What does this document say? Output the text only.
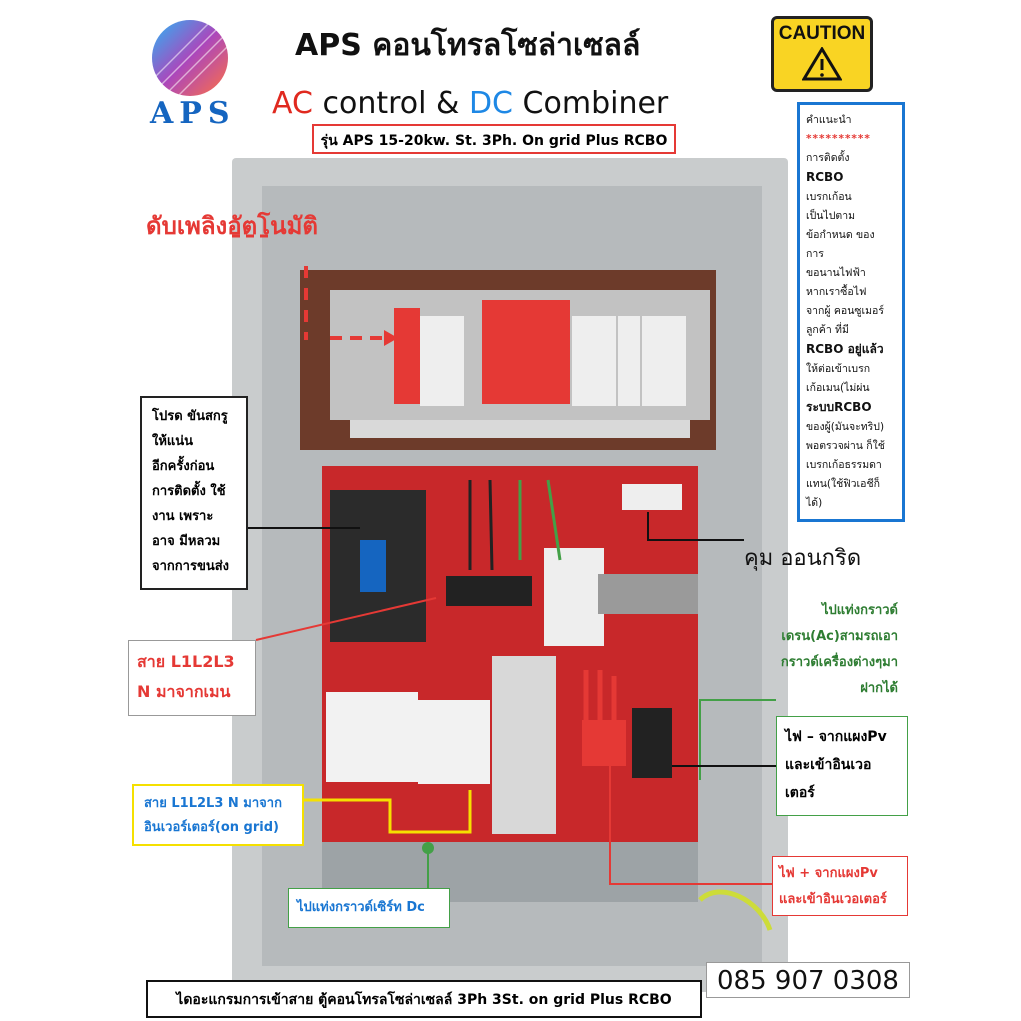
APS
APS คอนโทรลโซล่าเซลล์
AC control & DC Combiner
รุ่น APS 15-20kw. St. 3Ph. On grid Plus RCBO
CAUTION
คำแนะนำ
**********
การติดตั้ง
RCBO
เบรกเก้อน
เป็นไปตาม
ข้อกำหนด ของ
การ
ขอนานไฟฟ้า
หากเราซื้อไฟ
จากผู้ คอนซูเมอร์
ลูกค้า ที่มี
RCBO อยู่แล้ว
ให้ต่อเข้าเบรก
เก้อเมน(ไม่ผ่น
ระบบRCBO
ของผู้(มันจะทริป)
พอตรวจผ่าน ก็ใช้
เบรกเก้อธรรมดา
แทน(ใช้ฟิวเอชีก็
ได้)
ดับเพลิงอัตโนมัติ
โปรด ขันสกรู
ให้แน่น
อีกครั้งก่อน
การติดตั้ง ใช้
งาน เพราะ
อาจ มีหลวม
จากการขนส่ง
สาย L1L2L3
N มาจากเมน
สาย L1L2L3 N มาจาก
อินเวอร์เตอร์(on grid)
ไปแท่งกราวด์เซิร์ท Dc
คุม ออนกริด
ไปแท่งกราวด์
เดรน(Ac)สามรถเอา
กราวด์เครื่องต่างๆมา
ฝากได้
ไฟ – จากแผงPv
และเข้าอินเวอ
เตอร์
ไฟ + จากแผงPv
และเข้าอินเวอเตอร์
085 907 0308
ไดอะแกรมการเข้าสาย ตู้คอนโทรลโซล่าเซลล์ 3Ph 3St. on grid Plus RCBO
